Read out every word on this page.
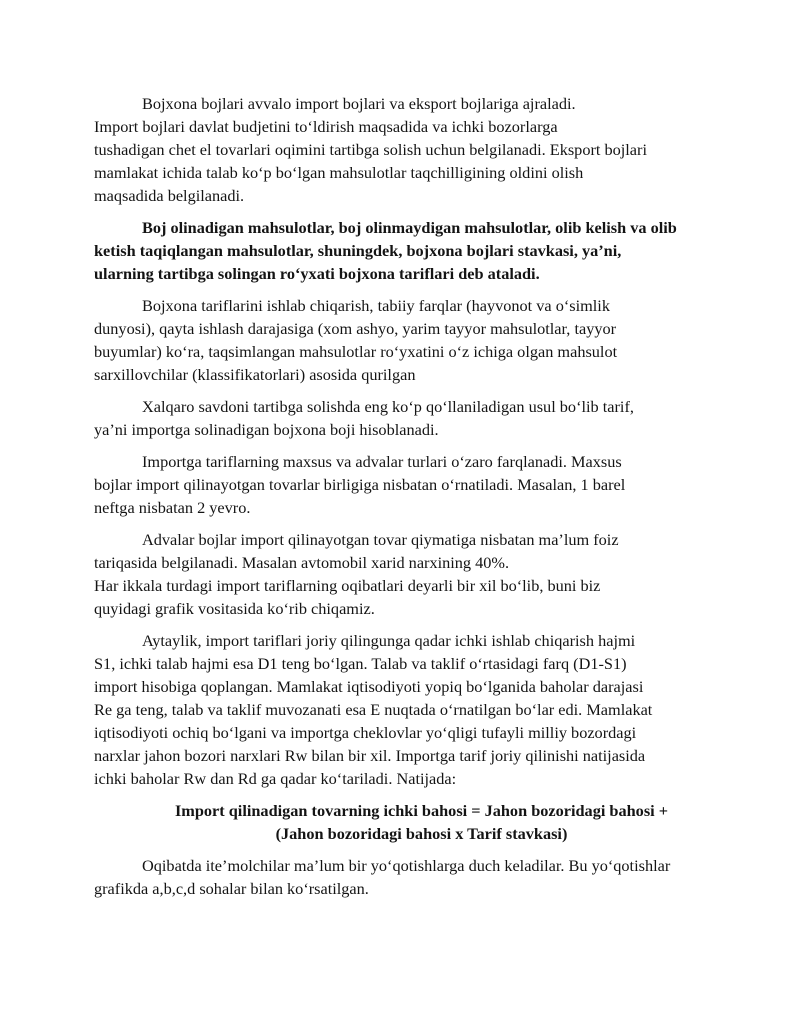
Bojxona bojlari avvalo import bojlari va eksport bojlariga ajraladi.
Import bojlari davlat budjetini to‘ldirish maqsadida va ichki bozorlarga
tushadigan chet el tovarlari oqimini tartibga solish uchun belgilanadi. Eksport bojlari
mamlakat ichida talab ko‘p bo‘lgan mahsulotlar taqchilligining oldini olish
maqsadida belgilanadi.
Boj olinadigan mahsulotlar, boj olinmaydigan mahsulotlar, olib kelish va olib
ketish taqiqlangan mahsulotlar, shuningdek, bojxona bojlari stavkasi, ya’ni,
ularning tartibga solingan ro‘yxati bojxona tariflari deb ataladi.
Bojxona tariflarini ishlab chiqarish, tabiiy farqlar (hayvonot va o‘simlik
dunyosi), qayta ishlash darajasiga (xom ashyo, yarim tayyor mahsulotlar, tayyor
buyumlar) ko‘ra, taqsimlangan mahsulotlar ro‘yxatini o‘z ichiga olgan mahsulot
sarxillovchilar (klassifikatorlari) asosida qurilgan
Xalqaro savdoni tartibga solishda eng ko‘p qo‘llaniladigan usul bo‘lib tarif,
ya’ni importga solinadigan bojxona boji hisoblanadi.
Importga tariflarning maxsus va advalar turlari o‘zaro farqlanadi. Maxsus
bojlar import qilinayotgan tovarlar birligiga nisbatan o‘rnatiladi. Masalan, 1 barel
neftga nisbatan 2 yevro.
Advalar bojlar import qilinayotgan tovar qiymatiga nisbatan ma’lum foiz
tariqasida belgilanadi. Masalan avtomobil xarid narxining 40%.
Har ikkala turdagi import tariflarning oqibatlari deyarli bir xil bo‘lib, buni biz
quyidagi grafik vositasida ko‘rib chiqamiz.
Aytaylik, import tariflari joriy qilingunga qadar ichki ishlab chiqarish hajmi
S1, ichki talab hajmi esa D1 teng bo‘lgan. Talab va taklif o‘rtasidagi farq (D1-S1)
import hisobiga qoplangan. Mamlakat iqtisodiyoti yopiq bo‘lganida baholar darajasi
Re ga teng, talab va taklif muvozanati esa E nuqtada o‘rnatilgan bo‘lar edi. Mamlakat
iqtisodiyoti ochiq bo‘lgani va importga cheklovlar yo‘qligi tufayli milliy bozordagi
narxlar jahon bozori narxlari Rw bilan bir xil. Importga tarif joriy qilinishi natijasida
ichki baholar Rw dan Rd ga qadar ko‘tariladi. Natijada:
Import qilinadigan tovarning ichki bahosi = Jahon bozoridagi bahosi +
(Jahon bozoridagi bahosi x Tarif stavkasi)
Oqibatda ite’molchilar ma’lum bir yo‘qotishlarga duch keladilar. Bu yo‘qotishlar
grafikda a,b,c,d sohalar bilan ko‘rsatilgan.
